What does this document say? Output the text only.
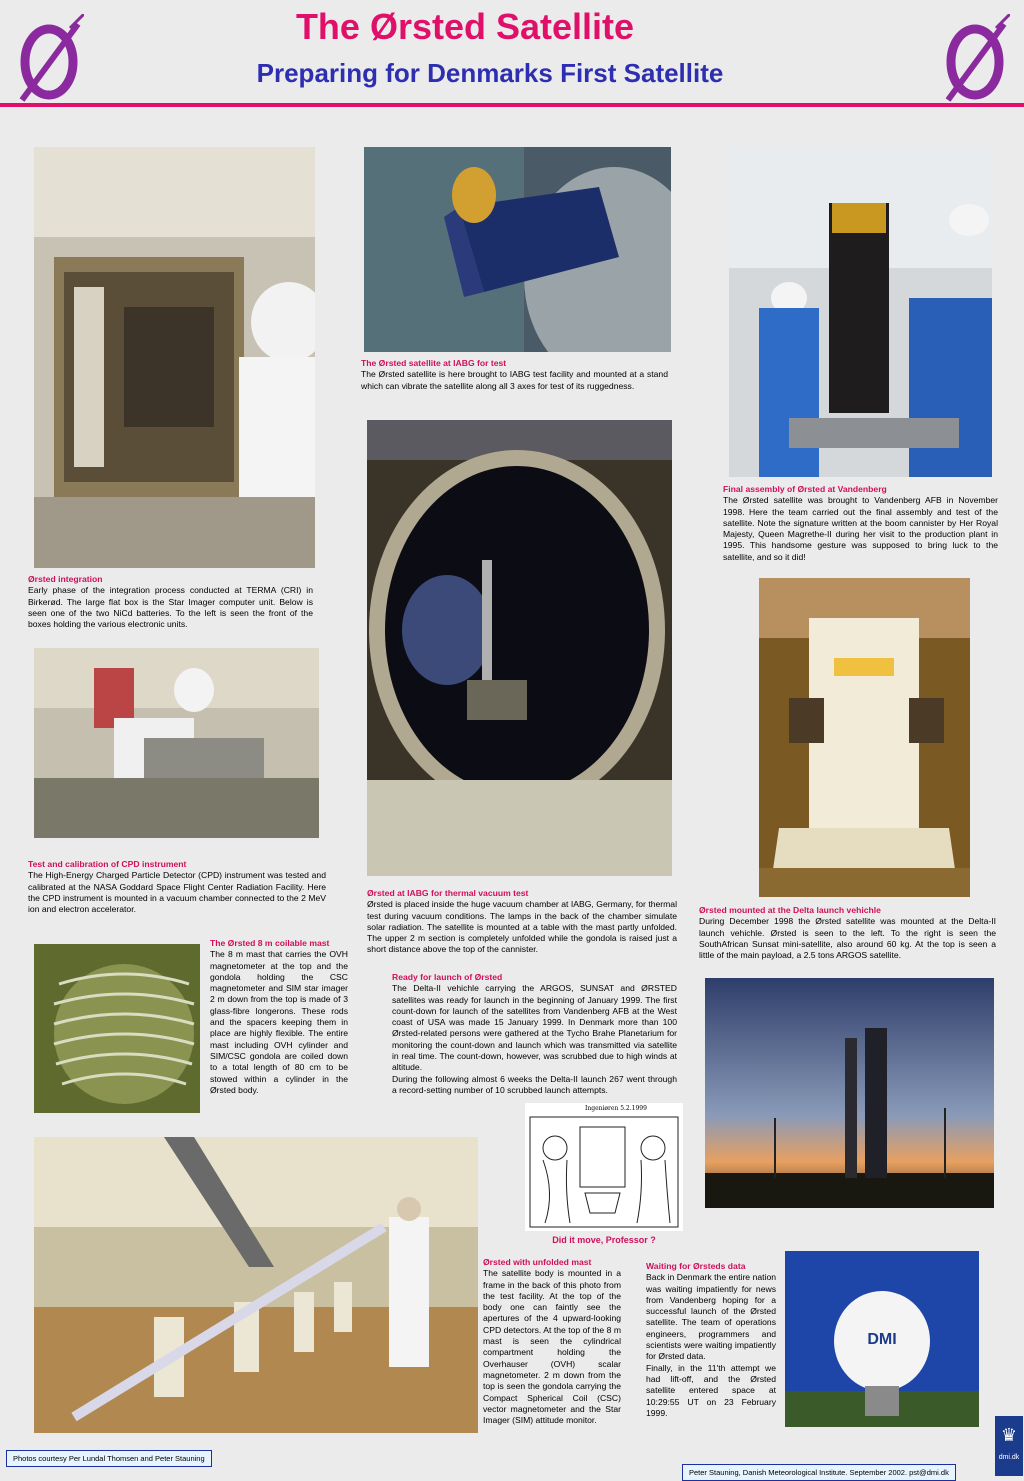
The Ørsted Satellite
Preparing for Denmarks First Satellite

Ørsted integration

Early phase of the integration process conducted at TERMA (CRI) in Birkerød. The large flat box is the Star Imager computer unit. Below is seen one of the two NiCd batteries. To the left is seen the front of the boxes holding the various electronic units.

Test and calibration of CPD instrument

The High-Energy Charged Particle Detector (CPD) instrument was tested and calibrated at the NASA Goddard Space Flight Center Radiation Facility. Here the CPD instrument is mounted in a vacuum chamber connected to the 2 MeV ion and electron accelerator.

The Ørsted 8 m coilable mast

The 8 m mast that carries the OVH magnetometer at the top and the gondola holding the CSC magnetometer and SIM star imager 2 m down from the top is made of 3 glass-fibre longerons. These rods and the spacers keeping them in place are highly flexible. The entire mast including OVH cylinder and SIM/CSC gondola are coiled down to a total length of 80 cm to be stowed within a cylinder in the Ørsted body.

The Ørsted satellite at IABG for test

The Ørsted satellite is here brought to IABG test facility and mounted at a stand which can vibrate the satellite along all 3 axes for test of its ruggedness.

Ørsted at IABG for thermal vacuum test

Ørsted is placed inside the huge vacuum chamber at IABG, Germany, for thermal test during vacuum conditions. The lamps in the back of the chamber simulate solar radiation. The satellite is mounted at a table with the mast partly unfolded. The upper 2 m section is completely unfolded while the gondola is raised just a short distance above the top of the cannister.

Ready for launch of Ørsted

The Delta-II vehichle carrying the ARGOS, SUNSAT and ØRSTED satellites was ready for launch in the beginning of January 1999. The first count-down for launch of the satellites from Vandenberg AFB at the West coast of USA was made 15 January 1999. In Denmark more than 100 Ørsted-related persons were gathered at the Tycho Brahe Planetarium for monitoring the count-down and launch which was transmitted via satellite in real time. The count-down, however, was scrubbed due to high winds at altitude.

During the following almost 6 weeks the Delta-II launch 267 went through a record-setting number of 10 scrubbed launch attempts.

Ingeniøren 5.2.1999
Did it move, Professor ?

Ørsted with unfolded mast

The satellite body is mounted in a frame in the back of this photo from the test facility. At the top of the body one can faintly see the apertures of the 4 upward-looking CPD detectors. At the top of the 8 m mast is seen the cylindrical compartment holding the Overhauser (OVH) scalar magnetometer. 2 m down from the top is seen the gondola carrying the Compact Spherical Coil (CSC) vector magnetometer and the Star Imager (SIM) attitude monitor.

Final assembly of Ørsted at Vandenberg

The Ørsted satellite was brought to Vandenberg AFB in November 1998. Here the team carried out the final assembly and test of the satellite. Note the signature written at the boom cannister by Her Royal Majesty, Queen Magrethe-II during her visit to the production plant in 1995. This handsome gesture was supposed to bring luck to the satellite, and so it did!

Ørsted mounted at the Delta launch vehichle

During December 1998 the Ørsted satellite was mounted at the Delta-II launch vehichle. Ørsted is seen to the left. To the right is seen the SouthAfrican Sunsat mini-satellite, also around 60 kg. At the top is seen a little of the main payload, a 2.5 tons ARGOS satellite.

DMI

Waiting for Ørsteds data

Back in Denmark the entire nation was waiting impatiently for news from Vandenberg hoping for a successful launch of the Ørsted satellite. The team of operations engineers, programmers and scientists were waiting impatiently for Ørsted data.

Finally, in the 11'th attempt we had lift-off, and the Ørsted satellite entered space at 10:29:55 UT on 23 February 1999.

Photos courtesy Per Lundal Thomsen and Peter Stauning
Peter Stauning, Danish Meteorological Institute. September 2002. pst@dmi.dk
♛
dmi.dk
